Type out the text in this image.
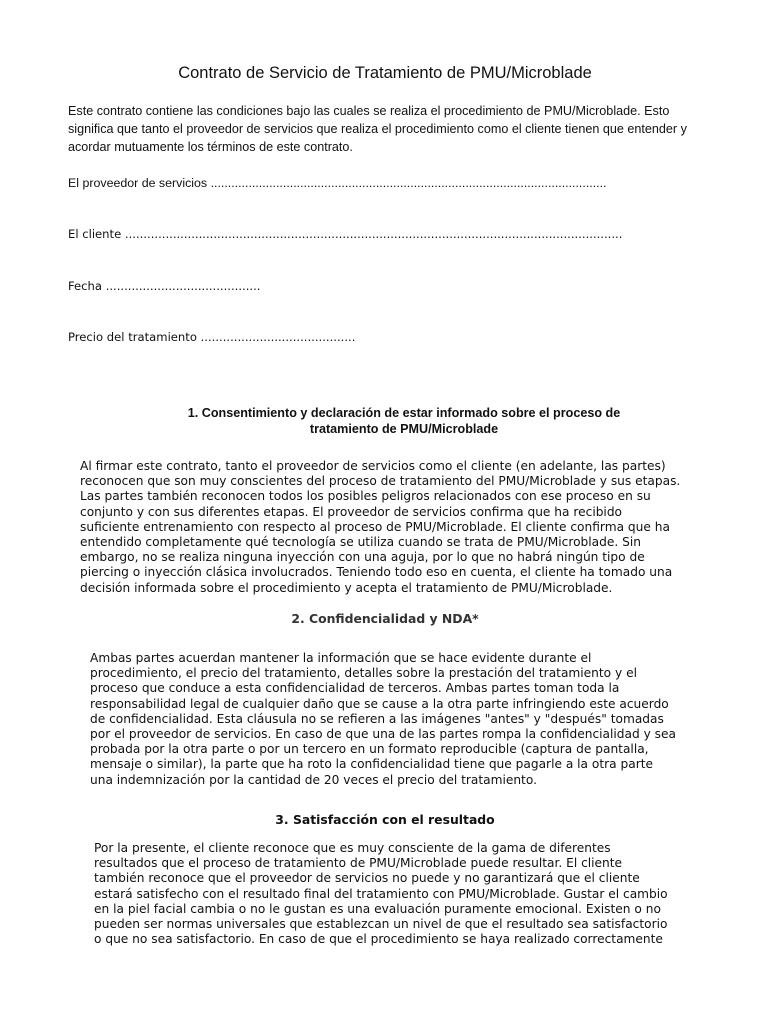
Contrato de Servicio de Tratamiento de PMU/Microblade
Este contrato contiene las condiciones bajo las cuales se realiza el procedimiento de PMU/Microblade. Esto significa que tanto el proveedor de servicios que realiza el procedimiento como el cliente tienen que entender y acordar mutuamente los términos de este contrato.
El proveedor de servicios ...................................................................................................................
El cliente .......................................................................................................................................
Fecha ..........................................
Precio del tratamiento ..........................................
1. Consentimiento y declaración de estar informado sobre el proceso de
tratamiento de PMU/Microblade
Al firmar este contrato, tanto el proveedor de servicios como el cliente (en adelante, las partes)
reconocen que son muy conscientes del proceso de tratamiento del PMU/Microblade y sus etapas.
Las partes también reconocen todos los posibles peligros relacionados con ese proceso en su
conjunto y con sus diferentes etapas. El proveedor de servicios confirma que ha recibido
suficiente entrenamiento con respecto al proceso de PMU/Microblade. El cliente confirma que ha
entendido completamente qué tecnología se utiliza cuando se trata de PMU/Microblade. Sin
embargo, no se realiza ninguna inyección con una aguja, por lo que no habrá ningún tipo de
piercing o inyección clásica involucrados. Teniendo todo eso en cuenta, el cliente ha tomado una
decisión informada sobre el procedimiento y acepta el tratamiento de PMU/Microblade.
2. Confidencialidad y NDA*
Ambas partes acuerdan mantener la información que se hace evidente durante el
procedimiento, el precio del tratamiento, detalles sobre la prestación del tratamiento y el
proceso que conduce a esta confidencialidad de terceros. Ambas partes toman toda la
responsabilidad legal de cualquier daño que se cause a la otra parte infringiendo este acuerdo
de confidencialidad. Esta cláusula no se refieren a las imágenes "antes" y "después" tomadas
por el proveedor de servicios. En caso de que una de las partes rompa la confidencialidad y sea
probada por la otra parte o por un tercero en un formato reproducible (captura de pantalla,
mensaje o similar), la parte que ha roto la confidencialidad tiene que pagarle a la otra parte
una indemnización por la cantidad de 20 veces el precio del tratamiento.
3. Satisfacción con el resultado
Por la presente, el cliente reconoce que es muy consciente de la gama de diferentes
resultados que el proceso de tratamiento de PMU/Microblade puede resultar. El cliente
también reconoce que el proveedor de servicios no puede y no garantizará que el cliente
estará satisfecho con el resultado final del tratamiento con PMU/Microblade. Gustar el cambio
en la piel facial cambia o no le gustan es una evaluación puramente emocional. Existen o no
pueden ser normas universales que establezcan un nivel de que el resultado sea satisfactorio
o que no sea satisfactorio. En caso de que el procedimiento se haya realizado correctamente
